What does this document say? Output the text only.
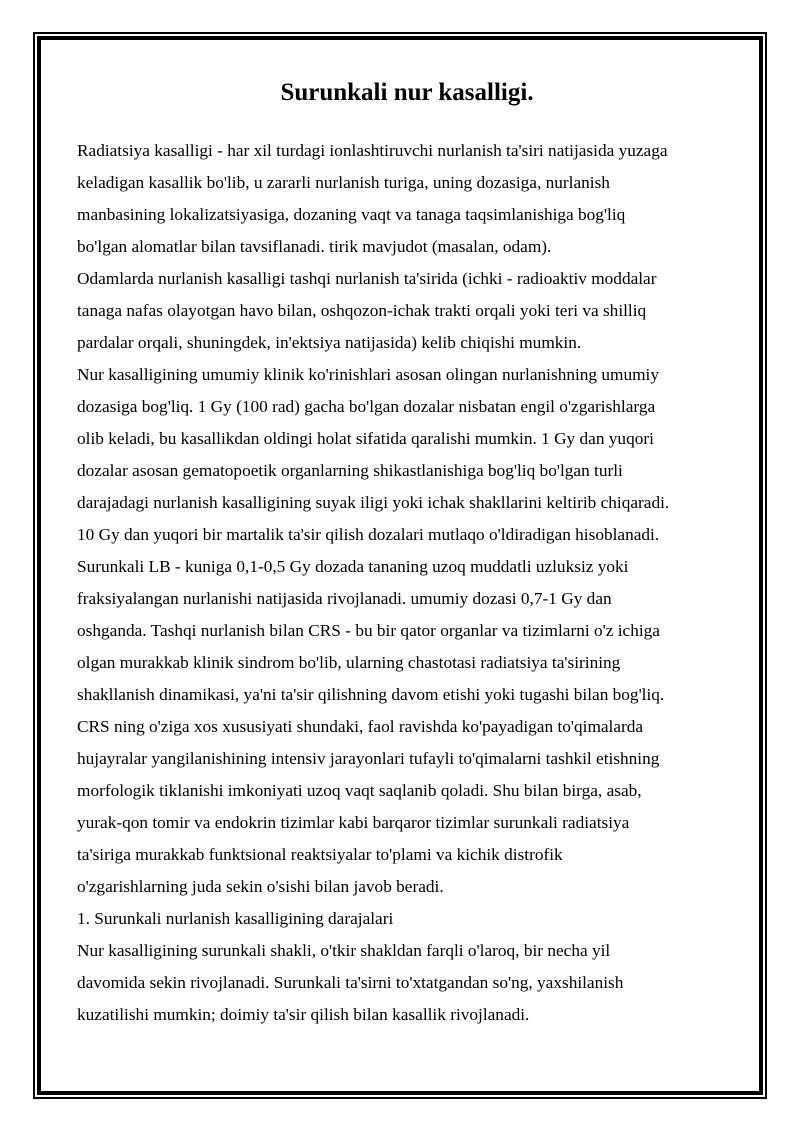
Surunkali nur kasalligi.
Radiatsiya kasalligi - har xil turdagi ionlashtiruvchi nurlanish ta'siri natijasida yuzaga
keladigan kasallik bo'lib, u zararli nurlanish turiga, uning dozasiga, nurlanish
manbasining lokalizatsiyasiga, dozaning vaqt va tanaga taqsimlanishiga bog'liq
bo'lgan alomatlar bilan tavsiflanadi. tirik mavjudot (masalan, odam).
Odamlarda nurlanish kasalligi tashqi nurlanish ta'sirida (ichki - radioaktiv moddalar
tanaga nafas olayotgan havo bilan, oshqozon-ichak trakti orqali yoki teri va shilliq
pardalar orqali, shuningdek, in'ektsiya natijasida) kelib chiqishi mumkin.
Nur kasalligining umumiy klinik ko'rinishlari asosan olingan nurlanishning umumiy
dozasiga bog'liq. 1 Gy (100 rad) gacha bo'lgan dozalar nisbatan engil o'zgarishlarga
olib keladi, bu kasallikdan oldingi holat sifatida qaralishi mumkin. 1 Gy dan yuqori
dozalar asosan gematopoetik organlarning shikastlanishiga bog'liq bo'lgan turli
darajadagi nurlanish kasalligining suyak iligi yoki ichak shakllarini keltirib chiqaradi.
10 Gy dan yuqori bir martalik ta'sir qilish dozalari mutlaqo o'ldiradigan hisoblanadi.
Surunkali LB - kuniga 0,1-0,5 Gy dozada tananing uzoq muddatli uzluksiz yoki
fraksiyalangan nurlanishi natijasida rivojlanadi. umumiy dozasi 0,7-1 Gy dan
oshganda. Tashqi nurlanish bilan CRS - bu bir qator organlar va tizimlarni o'z ichiga
olgan murakkab klinik sindrom bo'lib, ularning chastotasi radiatsiya ta'sirining
shakllanish dinamikasi, ya'ni ta'sir qilishning davom etishi yoki tugashi bilan bog'liq.
CRS ning o'ziga xos xususiyati shundaki, faol ravishda ko'payadigan to'qimalarda
hujayralar yangilanishining intensiv jarayonlari tufayli to'qimalarni tashkil etishning
morfologik tiklanishi imkoniyati uzoq vaqt saqlanib qoladi. Shu bilan birga, asab,
yurak-qon tomir va endokrin tizimlar kabi barqaror tizimlar surunkali radiatsiya
ta'siriga murakkab funktsional reaktsiyalar to'plami va kichik distrofik
o'zgarishlarning juda sekin o'sishi bilan javob beradi.
1. Surunkali nurlanish kasalligining darajalari
Nur kasalligining surunkali shakli, o'tkir shakldan farqli o'laroq, bir necha yil
davomida sekin rivojlanadi. Surunkali ta'sirni to'xtatgandan so'ng, yaxshilanish
kuzatilishi mumkin; doimiy ta'sir qilish bilan kasallik rivojlanadi.
